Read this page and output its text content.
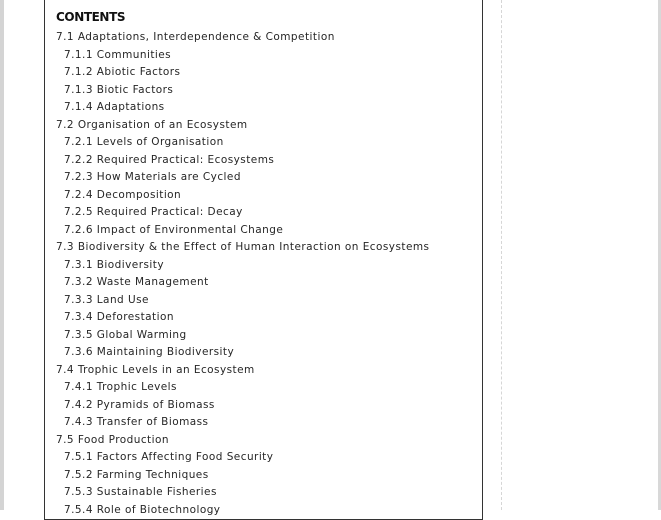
CONTENTS
7.1 Adaptations, Interdependence & Competition
7.1.1 Communities
7.1.2 Abiotic Factors
7.1.3 Biotic Factors
7.1.4 Adaptations
7.2 Organisation of an Ecosystem
7.2.1 Levels of Organisation
7.2.2 Required Practical: Ecosystems
7.2.3 How Materials are Cycled
7.2.4 Decomposition
7.2.5 Required Practical: Decay
7.2.6 Impact of Environmental Change
7.3 Biodiversity & the Effect of Human Interaction on Ecosystems
7.3.1 Biodiversity
7.3.2 Waste Management
7.3.3 Land Use
7.3.4 Deforestation
7.3.5 Global Warming
7.3.6 Maintaining Biodiversity
7.4 Trophic Levels in an Ecosystem
7.4.1 Trophic Levels
7.4.2 Pyramids of Biomass
7.4.3 Transfer of Biomass
7.5 Food Production
7.5.1 Factors Affecting Food Security
7.5.2 Farming Techniques
7.5.3 Sustainable Fisheries
7.5.4 Role of Biotechnology
